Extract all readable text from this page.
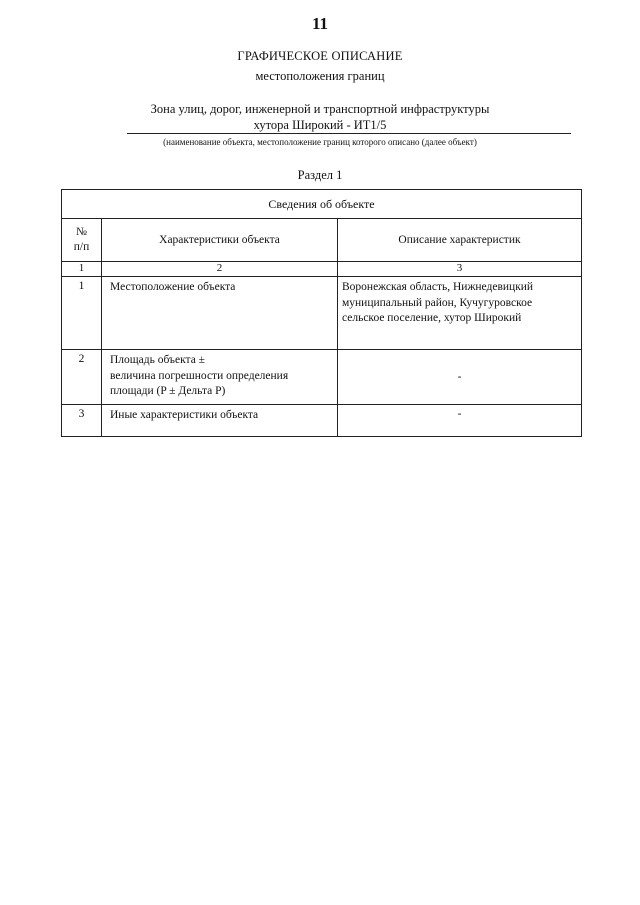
11
ГРАФИЧЕСКОЕ ОПИСАНИЕ
местоположения границ
Зона улиц, дорог, инженерной и транспортной инфраструктуры
хутора Широкий - ИТ1/5
(наименование объекта, местоположение границ которого описано (далее объект)
Раздел 1
Сведения об объекте		

№
п/п	Характеристики объекта	Описание характеристик
1	2	3
1	Местоположение объекта	Воронежская область, Нижнедевицкий
муниципальный район, Кучугуровское
сельское поселение, хутор Широкий

2	Площадь объекта ±
величина погрешности определения
площади (P ± Дельта P)	-
3	Иные характеристики объекта	-
